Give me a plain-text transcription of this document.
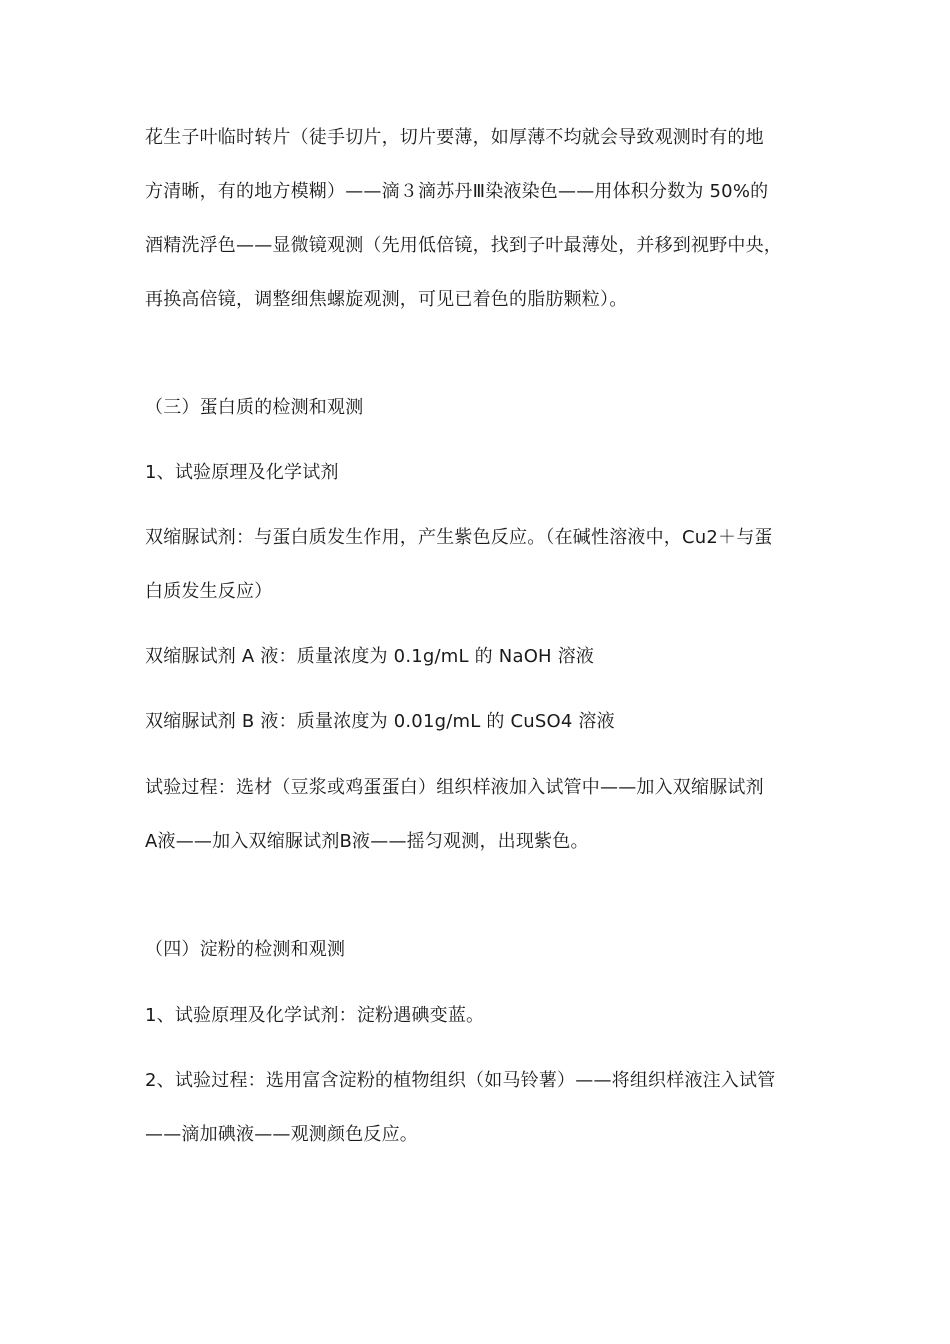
花生子叶临时转片（徒手切片，切片要薄，如厚薄不均就会导致观测时有的地
方清晰，有的地方模糊）——滴３滴苏丹Ⅲ染液染色——用体积分数为 50%的
酒精洗浮色——显微镜观测（先用低倍镜，找到子叶最薄处，并移到视野中央，
再换高倍镜，调整细焦螺旋观测，可见已着色的脂肪颗粒）。
（三）蛋白质的检测和观测
1、试验原理及化学试剂
双缩脲试剂：与蛋白质发生作用，产生紫色反应。（在碱性溶液中，Cu2＋与蛋
白质发生反应）
双缩脲试剂 A 液：质量浓度为 0.1g/mL 的 NaOH 溶液
双缩脲试剂 B 液：质量浓度为 0.01g/mL 的 CuSO4 溶液
试验过程：选材（豆浆或鸡蛋蛋白）组织样液加入试管中——加入双缩脲试剂
A液——加入双缩脲试剂B液——摇匀观测，出现紫色。
（四）淀粉的检测和观测
1、试验原理及化学试剂：淀粉遇碘变蓝。
2、试验过程：选用富含淀粉的植物组织（如马铃薯）——将组织样液注入试管
——滴加碘液——观测颜色反应。
